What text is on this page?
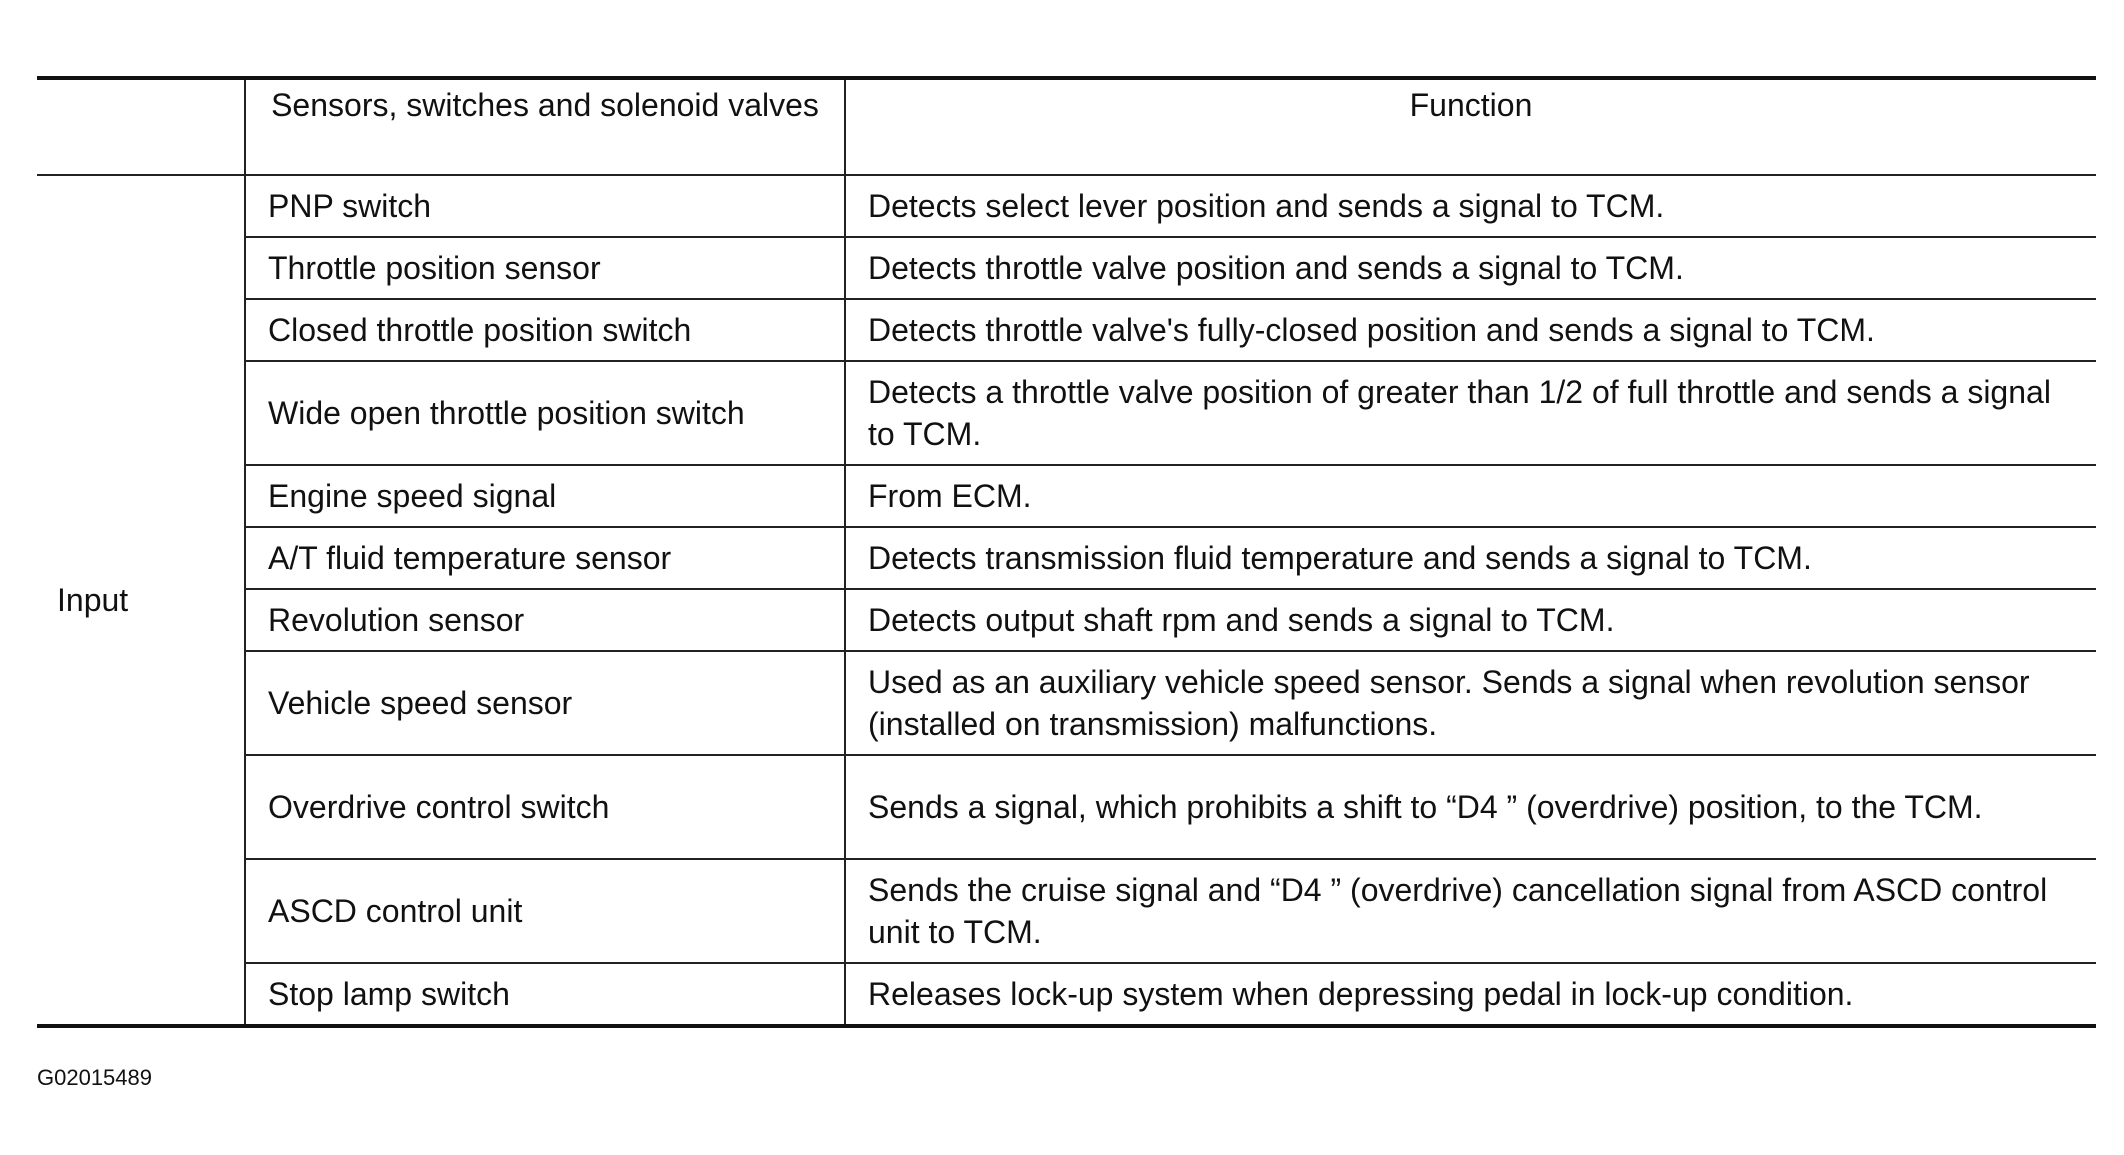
	Sensors, switches and solenoid valves	Function
Input	PNP switch	Detects select lever position and sends a signal to TCM.
	Throttle position sensor	Detects throttle valve position and sends a signal to TCM.
	Closed throttle position switch	Detects throttle valve's fully-closed position and sends a signal to TCM.
	Wide open throttle position switch	Detects a throttle valve position of greater than 1/2 of full throttle and sends a signal to TCM.
	Engine speed signal	From ECM.
	A/T fluid temperature sensor	Detects transmission fluid temperature and sends a signal to TCM.
	Revolution sensor	Detects output shaft rpm and sends a signal to TCM.
	Vehicle speed sensor	Used as an auxiliary vehicle speed sensor. Sends a signal when revolution sensor (installed on transmission) malfunctions.
	Overdrive control switch	Sends a signal, which prohibits a shift to “D4 ” (overdrive) position, to the TCM.
	ASCD control unit	Sends the cruise signal and “D4 ” (overdrive) cancellation signal from ASCD control unit to TCM.
	Stop lamp switch	Releases lock-up system when depressing pedal in lock-up condition.
G02015489
